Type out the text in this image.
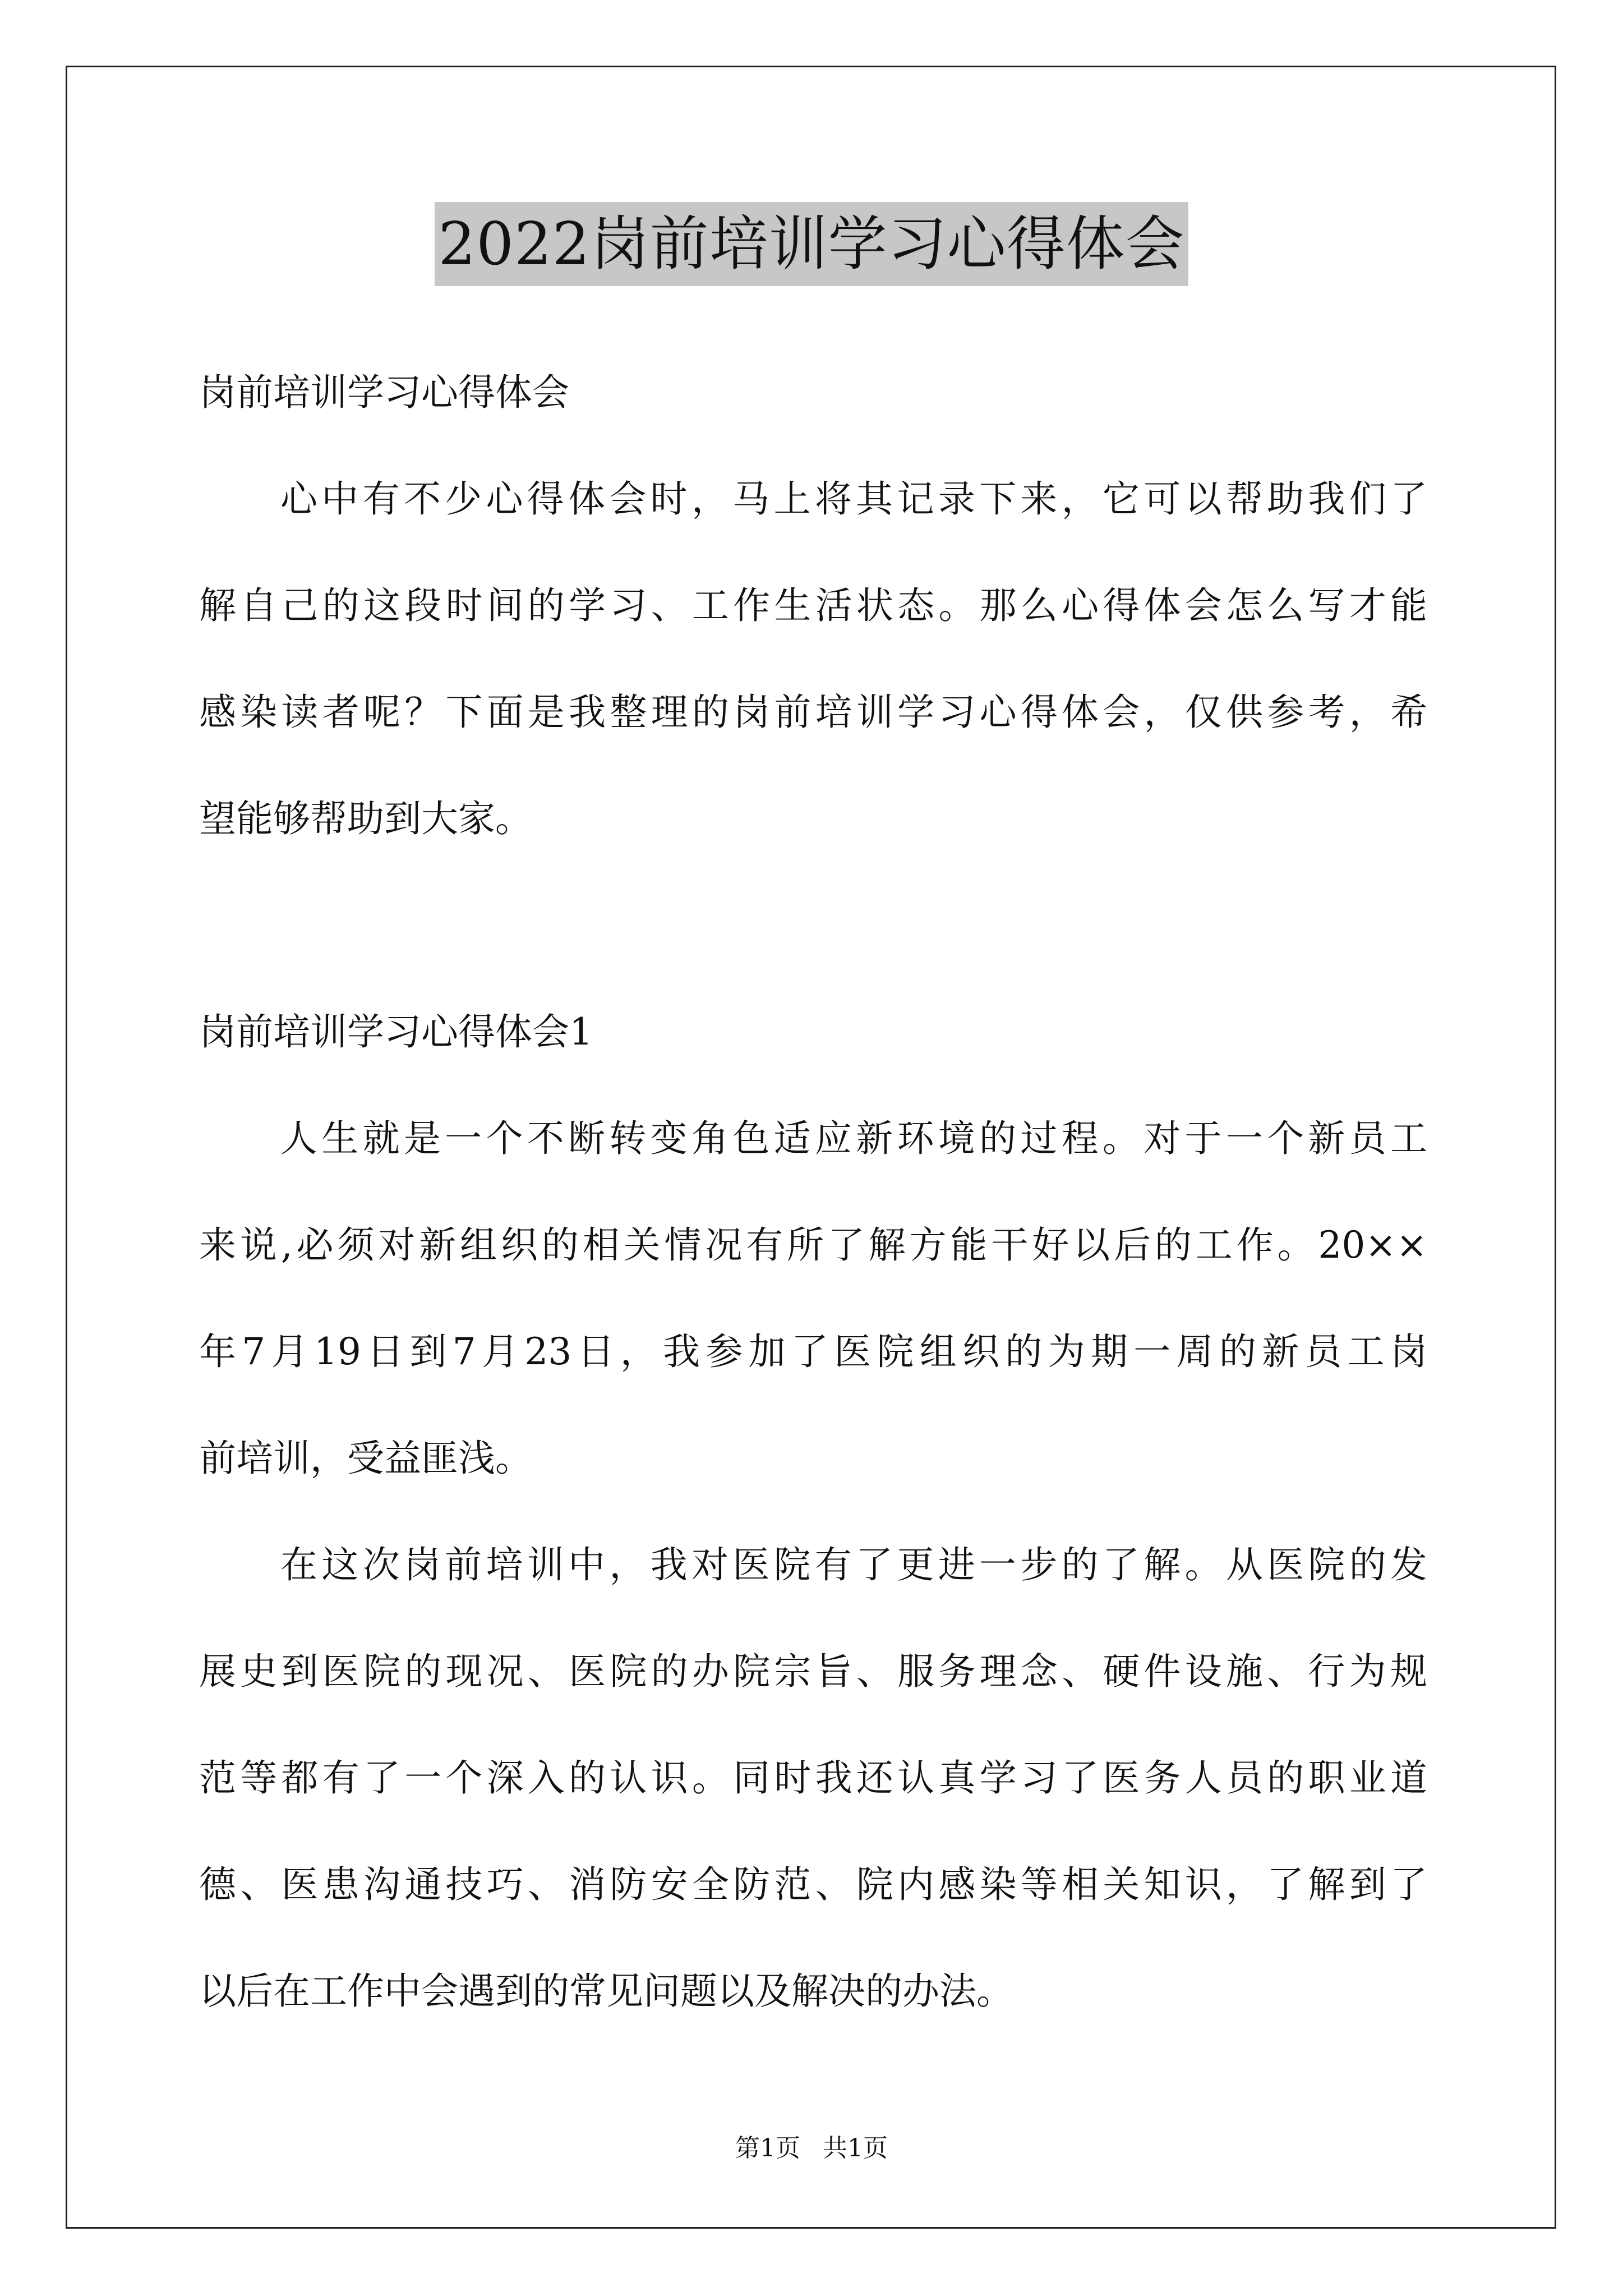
2022岗前培训学习心得体会
岗前培训学习心得体会
心中有不少心得体会时，马上将其记录下来，它可以帮助我们了
解自己的这段时间的学习、工作生活状态。那么心得体会怎么写才能
感染读者呢？下面是我整理的岗前培训学习心得体会，仅供参考，希
望能够帮助到大家。
岗前培训学习心得体会1
人生就是一个不断转变角色适应新环境的过程。对于一个新员工
来说,必须对新组织的相关情况有所了解方能干好以后的工作。20××
年7月19日到7月23日，我参加了医院组织的为期一周的新员工岗
前培训，受益匪浅。
在这次岗前培训中，我对医院有了更进一步的了解。从医院的发
展史到医院的现况、医院的办院宗旨、服务理念、硬件设施、行为规
范等都有了一个深入的认识。同时我还认真学习了医务人员的职业道
德、医患沟通技巧、消防安全防范、院内感染等相关知识，了解到了
以后在工作中会遇到的常见问题以及解决的办法。
第1页 共1页
